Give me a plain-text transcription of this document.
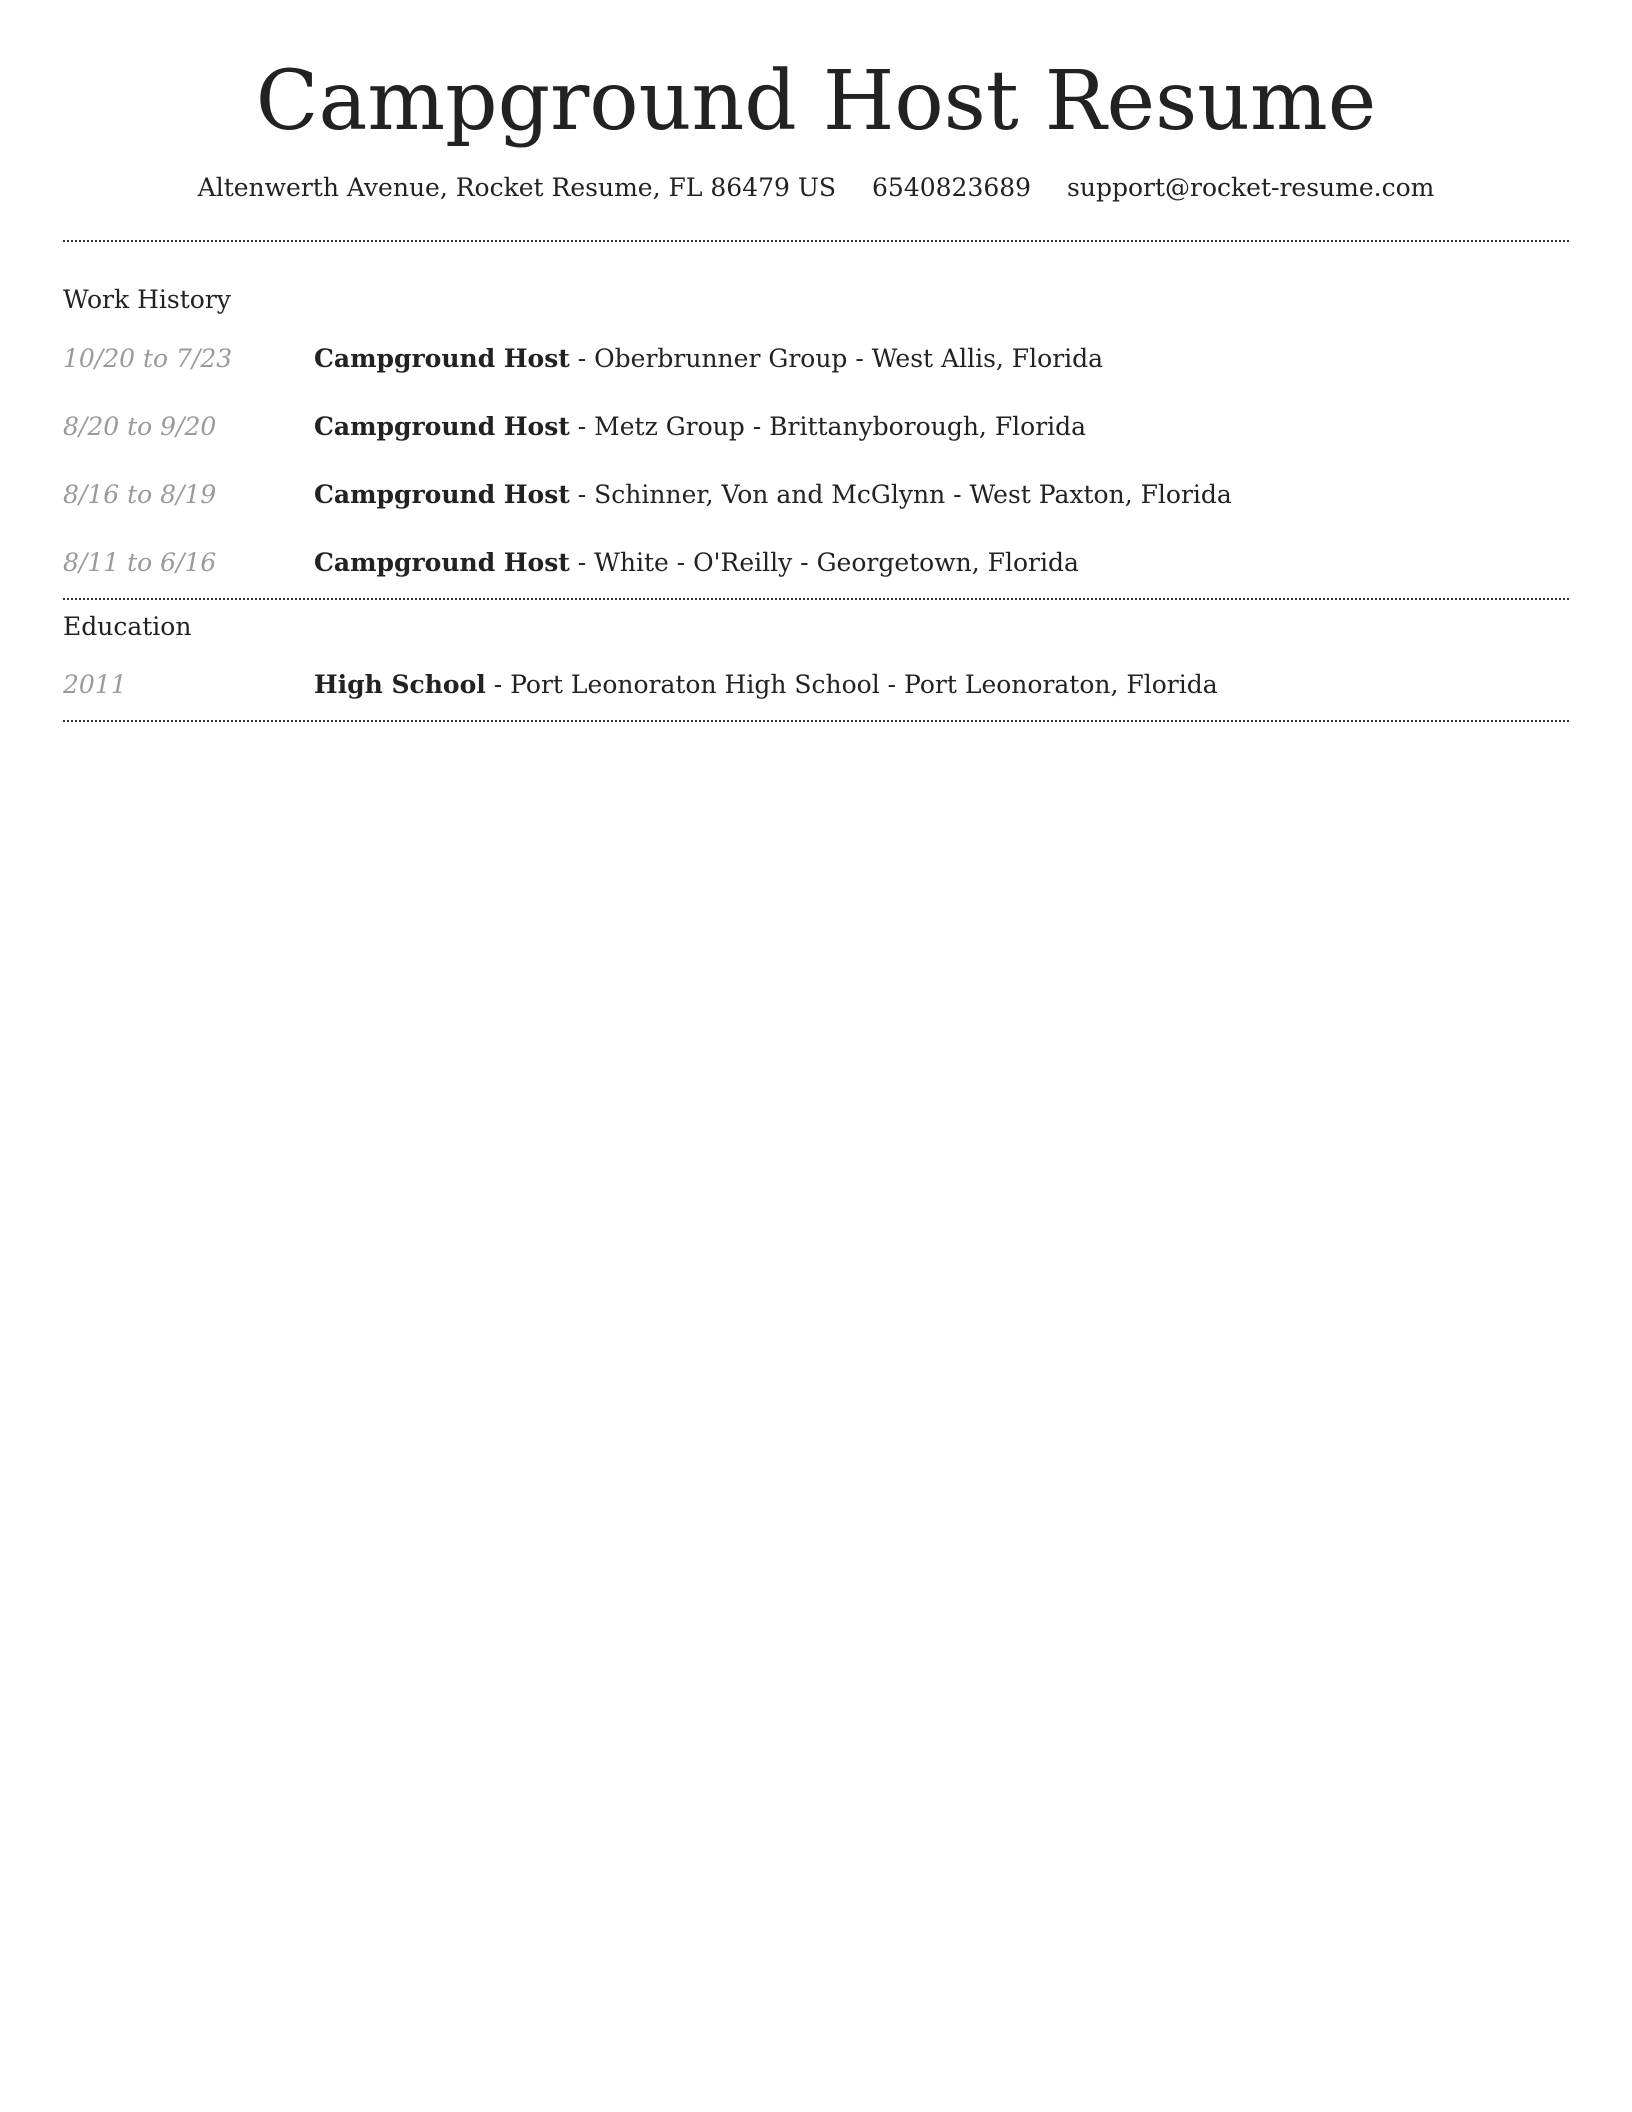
Campground Host Resume
Altenwerth Avenue, Rocket Resume, FL 86479 US 6540823689 support@rocket-resume.com
Work History
10/20 to 7/23	Campground Host - Oberbrunner Group - West Allis, Florida
8/20 to 9/20	Campground Host - Metz Group - Brittanyborough, Florida
8/16 to 8/19	Campground Host - Schinner, Von and McGlynn - West Paxton, Florida
8/11 to 6/16	Campground Host - White - O'Reilly - Georgetown, Florida
Education
2011	High School - Port Leonoraton High School - Port Leonoraton, Florida
